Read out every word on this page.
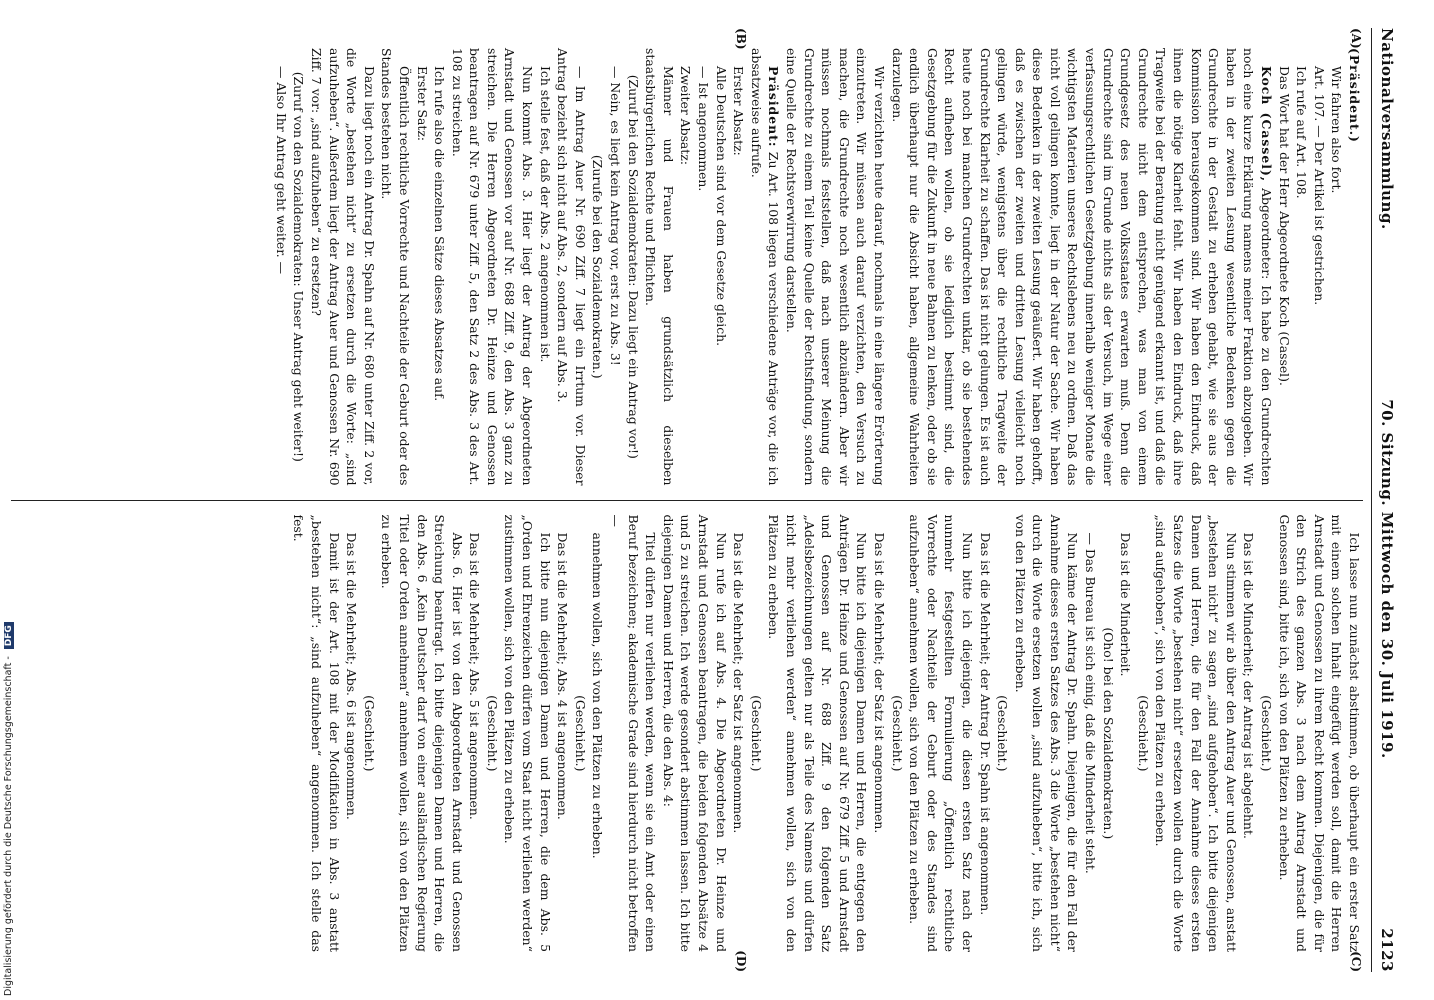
Nationalversammlung.
70. Sitzung. Mittwoch den 30. Juli 1919.
2123
(A)
(B)
(C)
(D)

(Präsident.)

Wir fahren also fort.

Art. 107. — Der Artikel ist gestrichen.

Ich rufe auf Art. 108.

Das Wort hat der Herr Abgeordnete Koch (Cassel).

Koch (Cassel), Abgeordneter: Ich habe zu den Grundrechten noch eine kurze Erklärung namens meiner Fraktion abzugeben. Wir haben in der zweiten Lesung wesentliche Bedenken gegen die Grundrechte in der Gestalt zu erheben gehabt, wie sie aus der Kommission herausgekommen sind. Wir haben den Eindruck, daß ihnen die nötige Klarheit fehlt. Wir haben den Eindruck, daß ihre Tragweite bei der Beratung nicht genügend erkannt ist, und daß die Grundrechte nicht dem entsprechen, was man von einem Grundgesetz des neuen Volksstaates erwarten muß. Denn die Grundrechte sind im Grunde nichts als der Versuch, im Wege einer verfassungsrechtlichen Gesetzgebung innerhalb weniger Monate die wichtigsten Materien unseres Rechtslebens neu zu ordnen. Daß das nicht voll gelingen konnte, liegt in der Natur der Sache. Wir haben diese Bedenken in der zweiten Lesung geäußert. Wir haben gehofft, daß es zwischen der zweiten und dritten Lesung vielleicht noch gelingen würde, wenigstens über die rechtliche Tragweite der Grundrechte Klarheit zu schaffen. Das ist nicht gelungen. Es ist auch heute noch bei manchen Grundrechten unklar, ob sie bestehendes Recht aufheben wollen, ob sie lediglich bestimmt sind, die Gesetzgebung für die Zukunft in neue Bahnen zu lenken, oder ob sie endlich überhaupt nur die Absicht haben, allgemeine Wahrheiten darzulegen.

Wir verzichten heute darauf, nochmals in eine längere Erörterung einzutreten. Wir müssen auch darauf verzichten, den Versuch zu machen, die Grundrechte noch wesentlich abzuändern. Aber wir müssen nochmals feststellen, daß nach unserer Meinung die Grundrechte zu einem Teil keine Quelle der Rechtsfindung, sondern eine Quelle der Rechtsverwirrung darstellen.

Präsident: Zu Art. 108 liegen verschiedene Anträge vor, die ich absatzweise aufrufe.

Erster Absatz:

Alle Deutschen sind vor dem Gesetze gleich.

— Ist angenommen.

Zweiter Absatz:

Männer und Frauen haben grundsätzlich dieselben staatsbürgerlichen Rechte und Pflichten.

(Zuruf bei den Sozialdemokraten: Dazu liegt ein Antrag vor!)

— Nein, es liegt kein Antrag vor, erst zu Abs. 3!

(Zurufe bei den Sozialdemokraten.)

— Im Antrag Auer Nr. 690 Ziff. 7 liegt ein Irrtum vor. Dieser Antrag bezieht sich nicht auf Abs. 2, sondern auf Abs. 3.

Ich stelle fest, daß der Abs. 2 angenommen ist.

Nun kommt Abs. 3. Hier liegt der Antrag der Abgeordneten Arnstadt und Genossen vor auf Nr. 688 Ziff. 9, den Abs. 3 ganz zu streichen. Die Herren Abgeordneten Dr. Heinze und Genossen beantragen auf Nr. 679 unter Ziff. 5, den Satz 2 des Abs. 3 des Art. 108 zu streichen.

Ich rufe also die einzelnen Sätze dieses Absatzes auf.

Erster Satz:

Öffentlich rechtliche Vorrechte und Nachteile der Geburt oder des Standes bestehen nicht.

Dazu liegt noch ein Antrag Dr. Spahn auf Nr. 680 unter Ziff. 2 vor, die Worte „bestehen nicht“ zu ersetzen durch die Worte: „sind aufzuheben“. Außerdem liegt der Antrag Auer und Genossen Nr. 690 Ziff. 7 vor: „sind aufzuheben“ zu ersetzen?

(Zuruf von den Sozialdemokraten: Unser Antrag geht weiter!)

— Also Ihr Antrag geht weiter. —

Ich lasse nun zunächst abstimmen, ob überhaupt ein erster Satz mit einem solchen Inhalt eingefügt werden soll, damit die Herren Arnstadt und Genossen zu ihrem Recht kommen. Diejenigen, die für den Strich des ganzen Abs. 3 nach dem Antrag Arnstadt und Genossen sind, bitte ich, sich von den Plätzen zu erheben.

(Geschieht.)

Das ist die Minderheit; der Antrag ist abgelehnt.

Nun stimmen wir ab über den Antrag Auer und Genossen, anstatt „bestehen nicht“ zu sagen „sind aufgehoben“. Ich bitte diejenigen Damen und Herren, die für den Fall der Annahme dieses ersten Satzes die Worte „bestehen nicht“ ersetzen wollen durch die Worte „sind aufgehoben“, sich von den Plätzen zu erheben.

(Geschieht.)

Das ist die Minderheit.

(Oho! bei den Sozialdemokraten.)

— Das Bureau ist sich einig, daß die Minderheit steht.

Nun käme der Antrag Dr. Spahn. Diejenigen, die für den Fall der Annahme dieses ersten Satzes des Abs. 3 die Worte „bestehen nicht“ durch die Worte ersetzen wollen „sind aufzuheben“, bitte ich, sich von den Plätzen zu erheben.

(Geschieht.)

Das ist die Mehrheit; der Antrag Dr. Spahn ist angenommen.

Nun bitte ich diejenigen, die diesen ersten Satz nach der nunmehr festgestellten Formulierung „Öffentlich rechtliche Vorrechte oder Nachteile der Geburt oder des Standes sind aufzuheben“ annehmen wollen, sich von den Plätzen zu erheben.

(Geschieht.)

Das ist die Mehrheit; der Satz ist angenommen.

Nun bitte ich diejenigen Damen und Herren, die entgegen den Anträgen Dr. Heinze und Genossen auf Nr. 679 Ziff. 5 und Arnstadt und Genossen auf Nr. 688 Ziff. 9 den folgenden Satz „Adelsbezeichnungen gelten nur als Teile des Namens und dürfen nicht mehr verliehen werden“ annehmen wollen, sich von den Plätzen zu erheben.

(Geschieht.)

Das ist die Mehrheit; der Satz ist angenommen.

Nun rufe ich auf Abs. 4. Die Abgeordneten Dr. Heinze und Arnstadt und Genossen beantragen, die beiden folgenden Absätze 4 und 5 zu streichen. Ich werde gesondert abstimmen lassen. Ich bitte diejenigen Damen und Herren, die den Abs. 4:

Titel dürfen nur verliehen werden, wenn sie ein Amt oder einen Beruf bezeichnen; akademische Grade sind hierdurch nicht betroffen —

annehmen wollen, sich von den Plätzen zu erheben.

(Geschieht.)

Das ist die Mehrheit; Abs. 4 ist angenommen.

Ich bitte nun diejenigen Damen und Herren, die dem Abs. 5 „Orden und Ehrenzeichen dürfen vom Staat nicht verliehen werden“ zustimmen wollen, sich von den Plätzen zu erheben.

(Geschieht.)

Das ist die Mehrheit; Abs. 5 ist angenommen.

Abs. 6. Hier ist von den Abgeordneten Arnstadt und Genossen Streichung beantragt. Ich bitte diejenigen Damen und Herren, die den Abs. 6 „Kein Deutscher darf von einer ausländischen Regierung Titel oder Orden annehmen“ annehmen wollen, sich von den Plätzen zu erheben.

(Geschieht.)

Das ist die Mehrheit; Abs. 6 ist angenommen.

Damit ist der Art. 108 mit der Modifikation in Abs. 3 anstatt „bestehen nicht“: „sind aufzuheben“ angenommen. Ich stelle das fest.

Digitalisierung gefördert durch die Deutsche Forschungsgemeinschaft - DFG
